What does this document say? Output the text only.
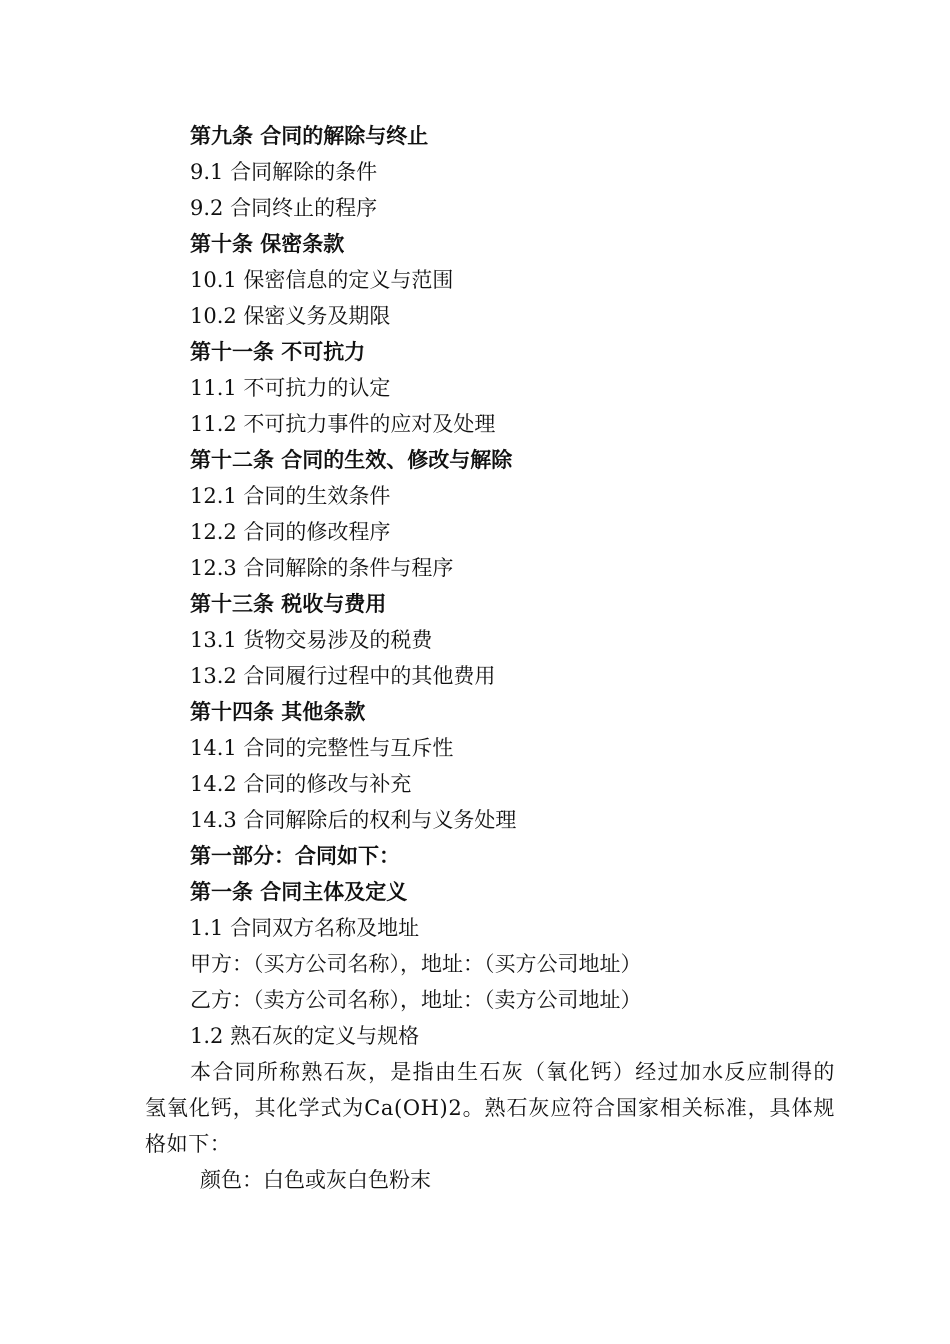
第九条 合同的解除与终止
9.1 合同解除的条件
9.2 合同终止的程序
第十条 保密条款
10.1 保密信息的定义与范围
10.2 保密义务及期限
第十一条 不可抗力
11.1 不可抗力的认定
11.2 不可抗力事件的应对及处理
第十二条 合同的生效、修改与解除
12.1 合同的生效条件
12.2 合同的修改程序
12.3 合同解除的条件与程序
第十三条 税收与费用
13.1 货物交易涉及的税费
13.2 合同履行过程中的其他费用
第十四条 其他条款
14.1 合同的完整性与互斥性
14.2 合同的修改与补充
14.3 合同解除后的权利与义务处理
第一部分：合同如下：
第一条 合同主体及定义
1.1 合同双方名称及地址
甲方：（买方公司名称），地址：（买方公司地址）
乙方：（卖方公司名称），地址：（卖方公司地址）
1.2 熟石灰的定义与规格
本合同所称熟石灰，是指由生石灰（氧化钙）经过加水反应制得的氢氧化钙，其化学式为Ca(OH)2。熟石灰应符合国家相关标准，具体规格如下：
颜色：白色或灰白色粉末
